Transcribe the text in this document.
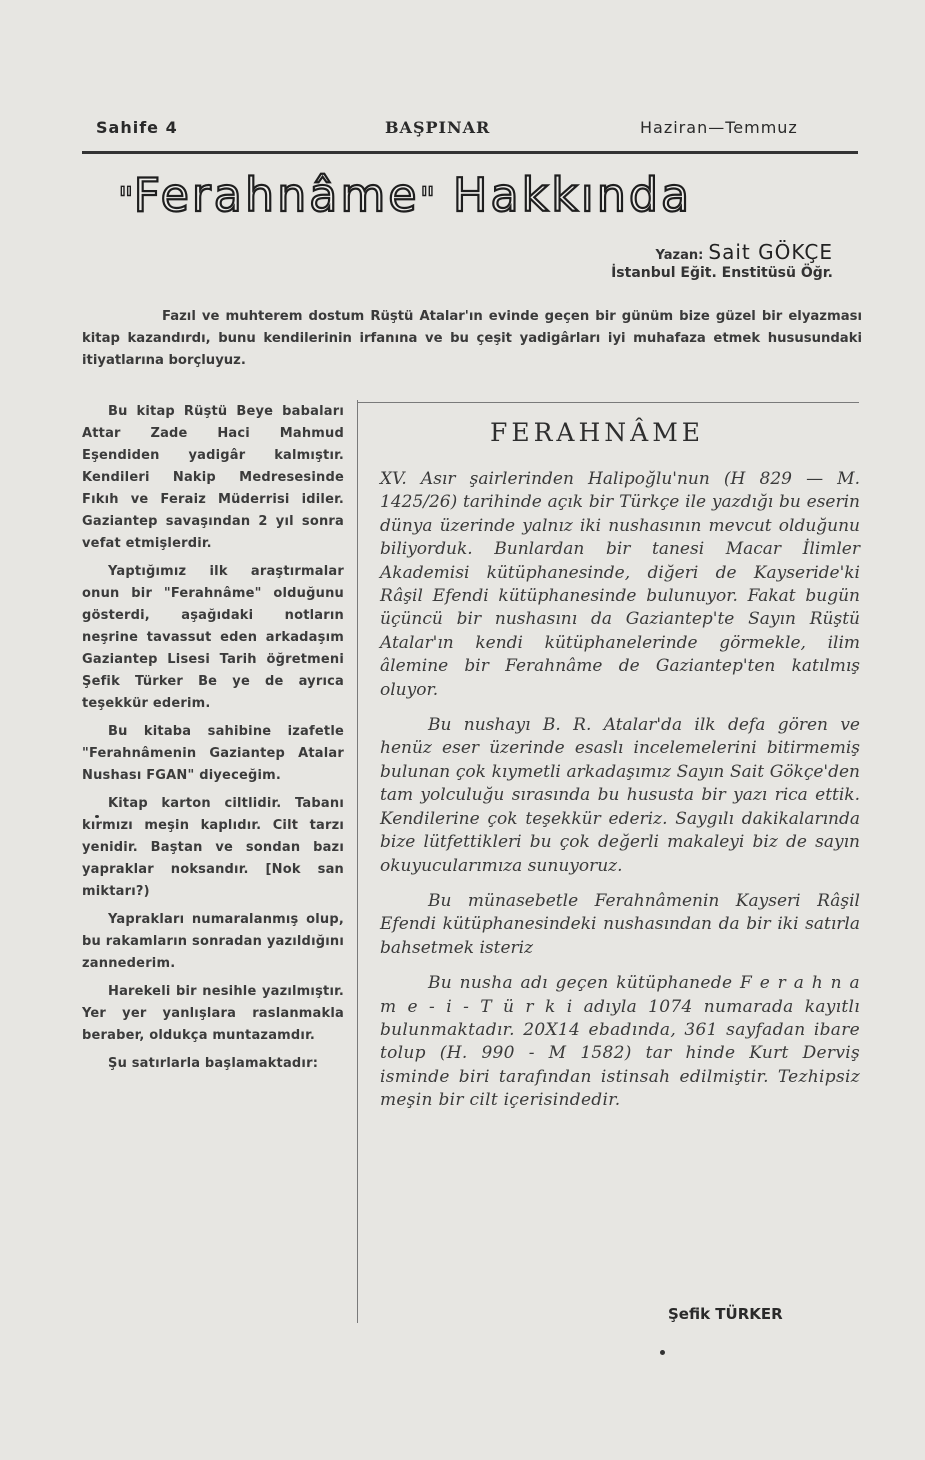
Sahife 4	BAŞPINAR	Haziran—Temmuz
"Ferahnâme" Hakkında
Yazan: Sait GÖKÇE
İstanbul Eğit. Enstitüsü Öğr.
Fazıl ve muhterem dostum Rüştü Atalar'ın evinde geçen bir günüm bize güzel bir elyazması kitap kazandırdı, bunu kendilerinin irfanına ve bu çeşit yadigârları iyi muhafaza etmek hususundaki itiyatlarına borçluyuz.

Bu kitap Rüştü Beye babaları Attar Zade Haci Mahmud Eşendiden yadigâr kalmıştır. Kendileri Nakip Medresesinde Fıkıh ve Feraiz Müderrisi idiler. Gaziantep savaşından 2 yıl sonra vefat etmişlerdir.

Yaptığımız ilk araştırmalar onun bir "Ferahnâme" olduğunu gösterdi, aşağıdaki notların neşrine tavassut eden arkadaşım Gaziantep Lisesi Tarih öğretmeni Şefik Türker Be ye de ayrıca teşekkür ederim.

Bu kitaba sahibine izafetle "Ferahnâmenin Gaziantep Atalar Nushası FGAN" diyeceğim.

Kitap karton ciltlidir. Tabanı kırmızı meşin kaplıdır. Cilt tarzı yenidir. Baştan ve sondan bazı yapraklar noksandır. [Nok san miktarı?)

Yaprakları numaralanmış olup, bu rakamların sonradan yazıldığını zannederim.

Harekeli bir nesihle yazılmıştır. Yer yer yanlışlara raslanmakla beraber, oldukça muntazamdır.

Şu satırlarla başlamaktadır:

FERAHNÂME

XV. Asır şairlerinden Halipoğlu'nun (H 829 — M. 1425/26) tarihinde açık bir Türkçe ile yazdığı bu eserin dünya üzerinde yalnız iki nushasının mevcut olduğunu biliyorduk. Bunlardan bir tanesi Macar İlimler Akademisi kütüphanesinde, diğeri de Kayseride'ki Râşil Efendi kütüphanesinde bulunuyor. Fakat bugün üçüncü bir nushasını da Gaziantep'te Sayın Rüştü Atalar'ın kendi kütüphanelerinde görmekle, ilim âlemine bir Ferahnâme de Gaziantep'ten katılmış oluyor.

Bu nushayı B. R. Atalar'da ilk defa gören ve henüz eser üzerinde esaslı incelemelerini bitirmemiş bulunan çok kıymetli arkadaşımız Sayın Sait Gökçe'den tam yolculuğu sırasında bu hususta bir yazı rica ettik. Kendilerine çok teşekkür ederiz. Saygılı dakikalarında bize lütfettikleri bu çok değerli makaleyi biz de sayın okuyucularımıza sunuyoruz.

Bu münasebetle Ferahnâmenin Kayseri Râşil Efendi kütüphanesindeki nushasından da bir iki satırla bahsetmek isteriz

Bu nusha adı geçen kütüphanede F e r a h n a m e - i - T ü r k i adıyla 1074 numarada kayıtlı bulunmaktadır. 20X14 ebadında, 361 sayfadan ibare tolup (H. 990 - M 1582) tar hinde Kurt Derviş isminde biri tarafından istinsah edilmiştir. Tezhipsiz meşin bir cilt içerisindedir.

Şefik TÜRKER
